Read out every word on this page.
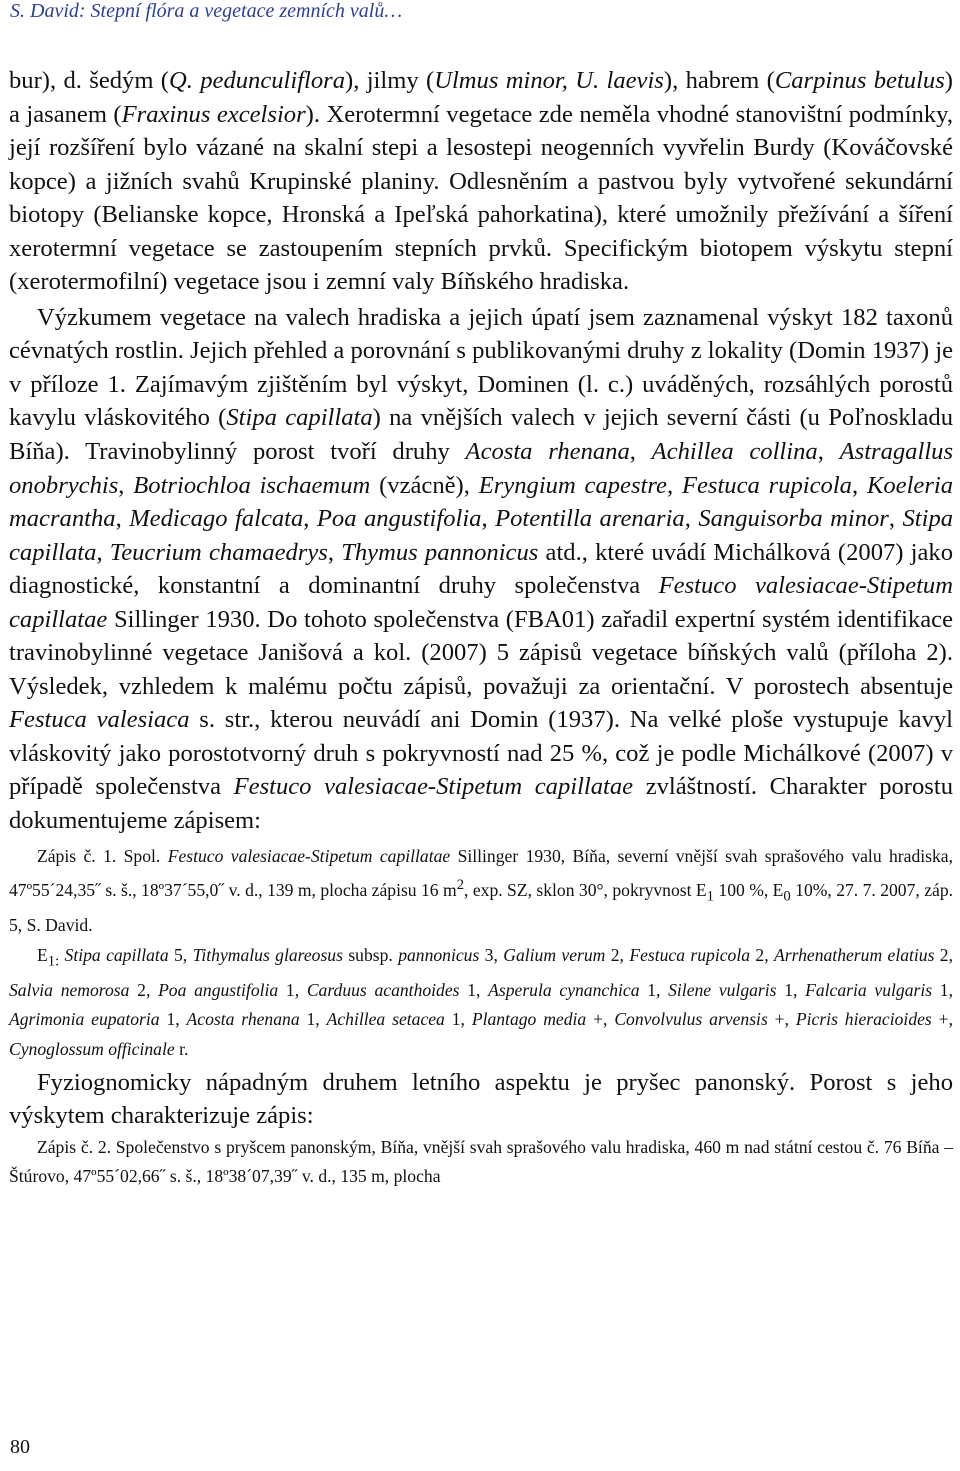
S. David: Stepní flóra a vegetace zemních valů…

bur), d. šedým (Q. pedunculiflora), jilmy (Ulmus minor, U. laevis), habrem (Carpinus betulus) a jasanem (Fraxinus excelsior). Xerotermní vegetace zde neměla vhodné stanovištní podmínky, její rozšíření bylo vázané na skalní stepi a lesostepi neogenních vyvřelin Burdy (Kováčovské kopce) a jižních svahů Krupinské planiny. Odlesněním a pastvou byly vytvořené sekundární biotopy (Belianske kopce, Hronská a Ipeľská pahorkatina), které umožnily přežívání a šíření xerotermní vegetace se zastoupením stepních prvků. Specifickým biotopem výskytu stepní (xerotermofilní) vegetace jsou i zemní valy Bíňského hradiska.

Výzkumem vegetace na valech hradiska a jejich úpatí jsem zaznamenal výskyt 182 taxonů cévnatých rostlin. Jejich přehled a porovnání s publikovanými druhy z lokality (Domin 1937) je v příloze 1. Zajímavým zjištěním byl výskyt, Dominen (l. c.) uváděných, rozsáhlých porostů kavylu vláskovitého (Stipa capillata) na vnějších valech v jejich severní části (u Poľnoskladu Bíňa). Travinobylinný porost tvoří druhy Acosta rhenana, Achillea collina, Astragallus onobrychis, Botriochloa ischaemum (vzácně), Eryngium capestre, Festuca rupicola, Koeleria macrantha, Medicago falcata, Poa angustifolia, Potentilla arenaria, Sanguisorba minor, Stipa capillata, Teucrium chamaedrys, Thymus pannonicus atd., které uvádí Michálková (2007) jako diagnostické, konstantní a dominantní druhy společenstva Festuco valesiacae-Stipetum capillatae Sillinger 1930. Do tohoto společenstva (FBA01) zařadil expertní systém identifikace travinobylinné vegetace Janišová a kol. (2007) 5 zápisů vegetace bíňských valů (příloha 2). Výsledek, vzhledem k malému počtu zápisů, považuji za orientační. V porostech absentuje Festuca valesiaca s. str., kterou neuvádí ani Domin (1937). Na velké ploše vystupuje kavyl vláskovitý jako porostotvorný druh s pokryvností nad 25 %, což je podle Michálkové (2007) v případě společenstva Festuco valesiacae-Stipetum capillatae zvláštností. Charakter porostu dokumentujeme zápisem:

Zápis č. 1. Spol. Festuco valesiacae-Stipetum capillatae Sillinger 1930, Bíňa, severní vnější svah sprašového valu hradiska, 47º55´24,35˝ s. š., 18º37´55,0˝ v. d., 139 m, plocha zápisu 16 $m^2$, exp. SZ, sklon 30°, pokryvnost $E_1$ 100 %, $E_0$ 10%, 27. 7. 2007, záp. 5, S. David.

$E_{1:}$ Stipa capillata 5, Tithymalus glareosus subsp. pannonicus 3, Galium verum 2, Festuca rupicola 2, Arrhenatherum elatius 2, Salvia nemorosa 2, Poa angustifolia 1, Carduus acanthoides 1, Asperula cynanchica 1, Silene vulgaris 1, Falcaria vulgaris 1, Agrimonia eupatoria 1, Acosta rhenana 1, Achillea setacea 1, Plantago media +, Convolvulus arvensis +, Picris hieracioides +, Cynoglossum officinale r.

Fyziognomicky nápadným druhem letního aspektu je pryšec panonský. Porost s jeho výskytem charakterizuje zápis:

Zápis č. 2. Společenstvo s pryšcem panonským, Bíňa, vnější svah sprašového valu hradiska, 460 m nad státní cestou č. 76 Bíňa – Štúrovo, 47º55´02,66˝ s. š., 18º38´07,39˝ v. d., 135 m, plocha

80
